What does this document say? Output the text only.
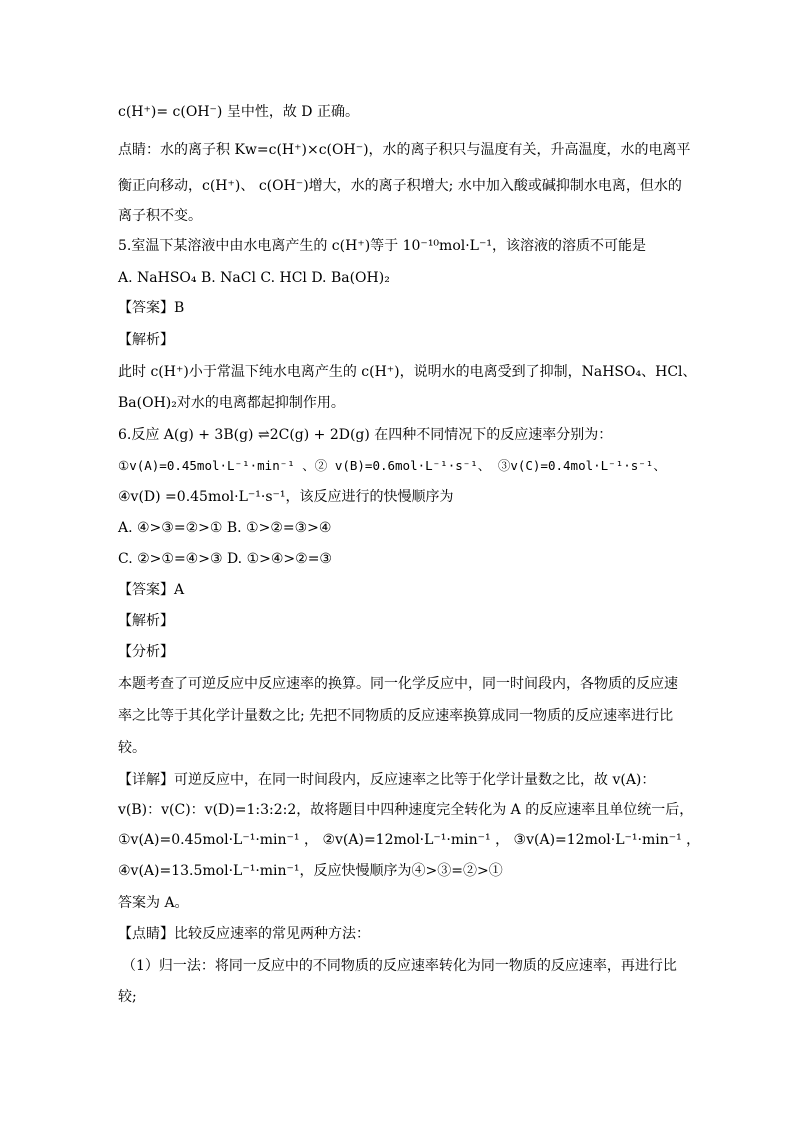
c(H⁺)= c(OH⁻) 呈中性，故 D 正确。
点睛：水的离子积 Kw=c(H⁺)×c(OH⁻)，水的离子积只与温度有关，升高温度，水的电离平
衡正向移动，c(H⁺)、 c(OH⁻)增大，水的离子积增大; 水中加入酸或碱抑制水电离，但水的
离子积不变。
5.室温下某溶液中由水电离产生的 c(H⁺)等于 10⁻¹⁰mol·L⁻¹，该溶液的溶质不可能是
A. NaHSO₄ B. NaCl C. HCl D. Ba(OH)₂
【答案】B
【解析】
此时 c(H⁺)小于常温下纯水电离产生的 c(H⁺)，说明水的电离受到了抑制，NaHSO₄、HCl、
Ba(OH)₂对水的电离都起抑制作用。
6.反应 A(g) + 3B(g) ⇌2C(g) + 2D(g) 在四种不同情况下的反应速率分别为：
①v(A)=0.45mol·L⁻¹·min⁻¹ 、② v(B)=0.6mol·L⁻¹·s⁻¹、 ③v(C)=0.4mol·L⁻¹·s⁻¹、
④v(D) =0.45mol·L⁻¹·s⁻¹，该反应进行的快慢顺序为
A. ④>③=②>① B. ①>②=③>④
C. ②>①=④>③ D. ①>④>②=③
【答案】A
【解析】
【分析】
本题考查了可逆反应中反应速率的换算。同一化学反应中，同一时间段内，各物质的反应速
率之比等于其化学计量数之比; 先把不同物质的反应速率换算成同一物质的反应速率进行比
较。
【详解】可逆反应中，在同一时间段内，反应速率之比等于化学计量数之比，故 v(A)：
v(B)：v(C)：v(D)=1:3:2:2，故将题目中四种速度完全转化为 A 的反应速率且单位统一后，
①v(A)=0.45mol·L⁻¹·min⁻¹ ， ②v(A)=12mol·L⁻¹·min⁻¹ ， ③v(A)=12mol·L⁻¹·min⁻¹ ，
④v(A)=13.5mol·L⁻¹·min⁻¹，反应快慢顺序为④>③=②>①
答案为 A。
【点睛】比较反应速率的常见两种方法：
（1）归一法：将同一反应中的不同物质的反应速率转化为同一物质的反应速率，再进行比
较;
